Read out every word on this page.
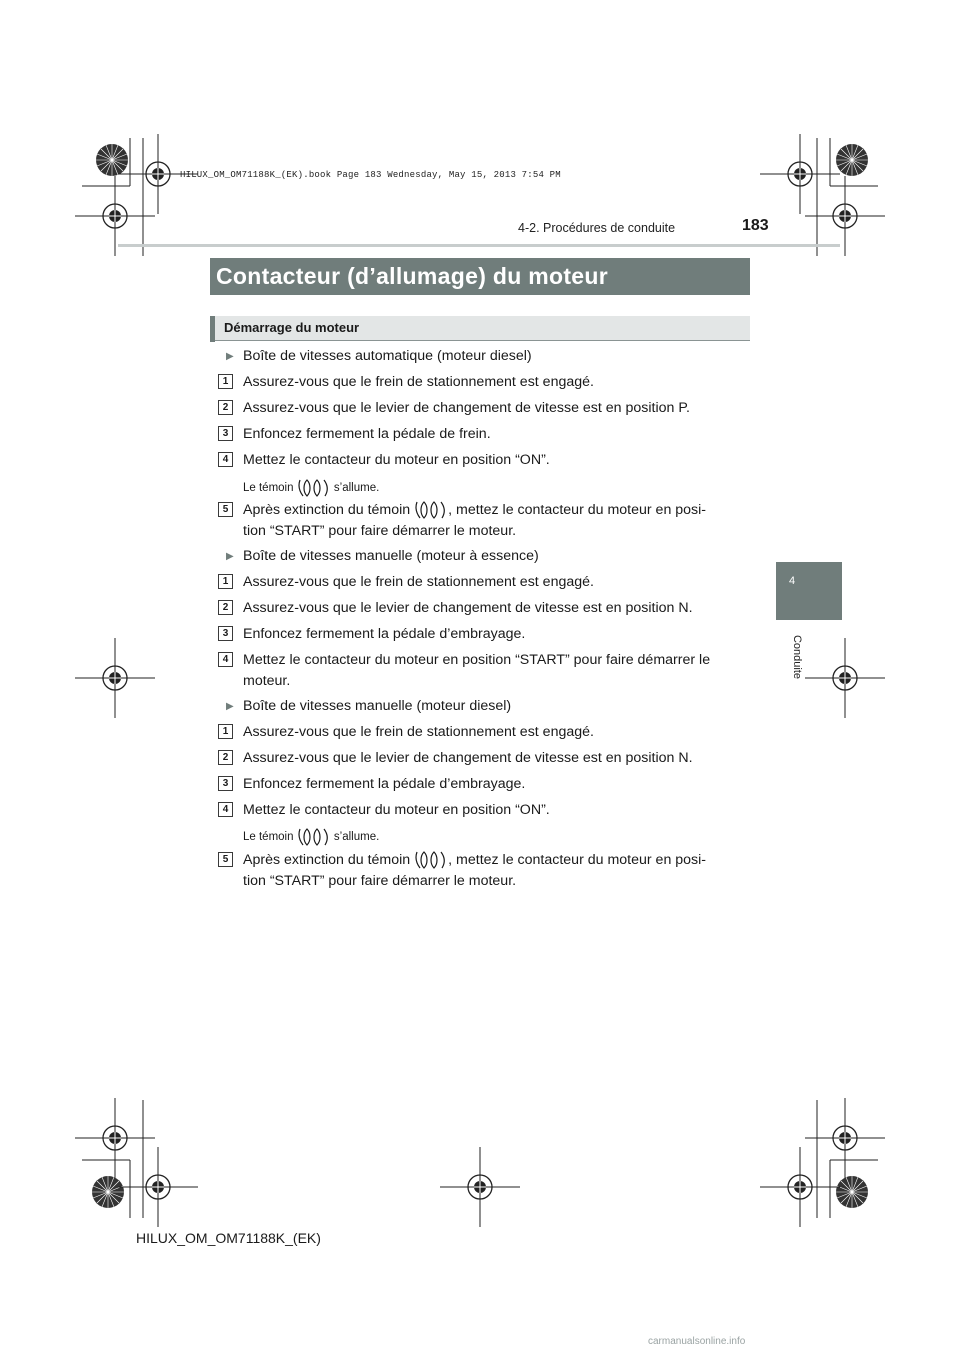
HILUX_OM_OM71188K_(EK).book Page 183 Wednesday, May 15, 2013 7:54 PM
4-2. Procédures de conduite	183
Contacteur (d’allumage) du moteur
Démarrage du moteur
4
Conduite
▶ Boîte de vitesses automatique (moteur diesel)
1	Assurez-vous que le frein de stationnement est engagé.
2	Assurez-vous que le levier de changement de vitesse est en position P.
3	Enfoncez fermement la pédale de frein.
4	Mettez le contacteur du moteur en position “ON”.
Le témoin	s’allume.
5	Après extinction du témoin	, mettez le contacteur du moteur en posi-
tion “START” pour faire démarrer le moteur.
▶ Boîte de vitesses manuelle (moteur à essence)
1	Assurez-vous que le frein de stationnement est engagé.
2	Assurez-vous que le levier de changement de vitesse est en position N.
3	Enfoncez fermement la pédale d’embrayage.
4	Mettez le contacteur du moteur en position “START” pour faire démarrer le
moteur.
▶ Boîte de vitesses manuelle (moteur diesel)
1	Assurez-vous que le frein de stationnement est engagé.
2	Assurez-vous que le levier de changement de vitesse est en position N.
3	Enfoncez fermement la pédale d’embrayage.
4	Mettez le contacteur du moteur en position “ON”.
Le témoin	s’allume.
5	Après extinction du témoin	, mettez le contacteur du moteur en posi-
tion “START” pour faire démarrer le moteur.
HILUX_OM_OM71188K_(EK)
carmanualsonline.info
